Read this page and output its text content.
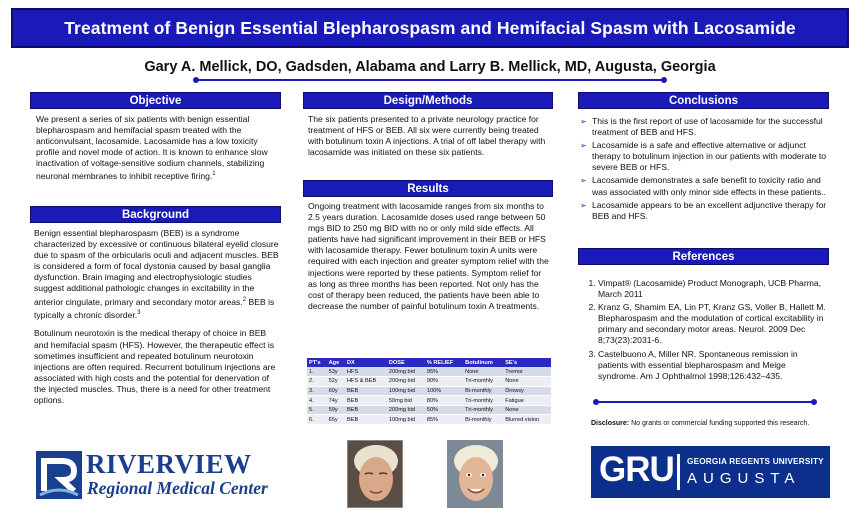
Treatment of Benign Essential Blepharospasm and Hemifacial Spasm with Lacosamide
Gary A. Mellick, DO, Gadsden, Alabama and Larry B. Mellick, MD, Augusta, Georgia
Objective
We present a series of six patients with benign essential blepharospasm and hemifacial spasm treated with the anticonvulsant, lacosamide. Lacosamide has a low toxicity profile and novel mode of action. It is known to enhance slow inactivation of voltage-sensitive sodium channels, stabilizing neuronal membranes to inhibit receptive firing.$^1$
Background

Benign essential blepharospasm (BEB) is a syndrome characterized by excessive or continuous bilateral eyelid closure due to spasm of the orbicularis oculi and adjacent muscles. BEB is considered a form of focal dystonia caused by basal ganglia dysfunction. Brain imaging and electrophysiologic studies suggest additional pathologic changes in excitability in the anterior cingulate, primary and secondary motor areas.$^2$ BEB is typically a chronic disorder.$^3$

Botulinum neurotoxin is the medical therapy of choice in BEB and hemifacial spasm (HFS). However, the therapeutic effect is sometimes insufficient and repeated botulinum neurotoxin injections are often required. Recurrent botulinum injections are associated with high costs and the potential for denervation of the injected muscles. Thus, there is a need for other treatment options.

RIVERVIEW
Regional Medical Center
Design/Methods
The six patients presented to a private neurology practice for treatment of HFS or BEB. All six were currently being treated with botulinum toxin A injections. A trial of off label therapy with lacosamide was initiated on these six patients.
Results
Ongoing treatment with lacosamide ranges from six months to 2.5 years duration. Lacosamide doses used range between 50 mgs BID to 250 mg BID with no or only mild side effects. All patients have had significant improvement in their BEB or HFS with lacosamide therapy. Fewer botulinum toxin A units were required with each injection and greater symptom relief with the injections were reported by these patients. Symptom relief for as long as three months has been reported. Not only has the cost of therapy been reduced, the patients have been able to decrease the number of painful botulinum toxin A treatments.
PT's	Age	DX	DOSE	% RELIEF	Botulinum	SE's
1.	53y	HFS	200mg bid	95%	None	Tremor
2.	52y	HFS & BEB	200mg bid	90%	Tri-monthly	None
3.	60y	BEB	100mg bid	100%	Bi-monthly	Drowsy
4.	74y	BEB	50mg bid	80%	Tri-monthly	Fatigue
5.	59y	BEB	200mg bid	50%	Tri-monthly	None
6.	65y	BEB	100mg bid	85%	Bi-monthly	Blurred vision
Conclusions
➢ This is the first report of use of lacosamide for the successful treatment of BEB and HFS.
➢ Lacosamide is a safe and effective alternative or adjunct therapy to botulinum injection in our patients with moderate to severe BEB or HFS.
➢ Lacosamide demonstrates a safe benefit to toxicity ratio and was associated with only minor side effects in these patients..
➢ Lacosamide appears to be an excellent adjunctive therapy for BEB and HFS.
References
1. Vimpat® (Lacosamide) Product Monograph, UCB Pharma, March 2011
2. Kranz G, Shamim EA, Lin PT, Kranz GS, Voller B, Hallett M. Blepharospasm and the modulation of cortical excitability in primary and secondary motor areas. Neurol. 2009 Dec 8;73(23):2031-6.
3. Castelbuono A, Miller NR. Spontaneous remission in patients with essential blepharospasm and Meige syndrome. Am J Ophthalmol 1998;126:432–435.
Disclosure: No grants or commercial funding supported this research.
GRU GEORGIA REGENTS UNIVERSITY
AUGUSTA
